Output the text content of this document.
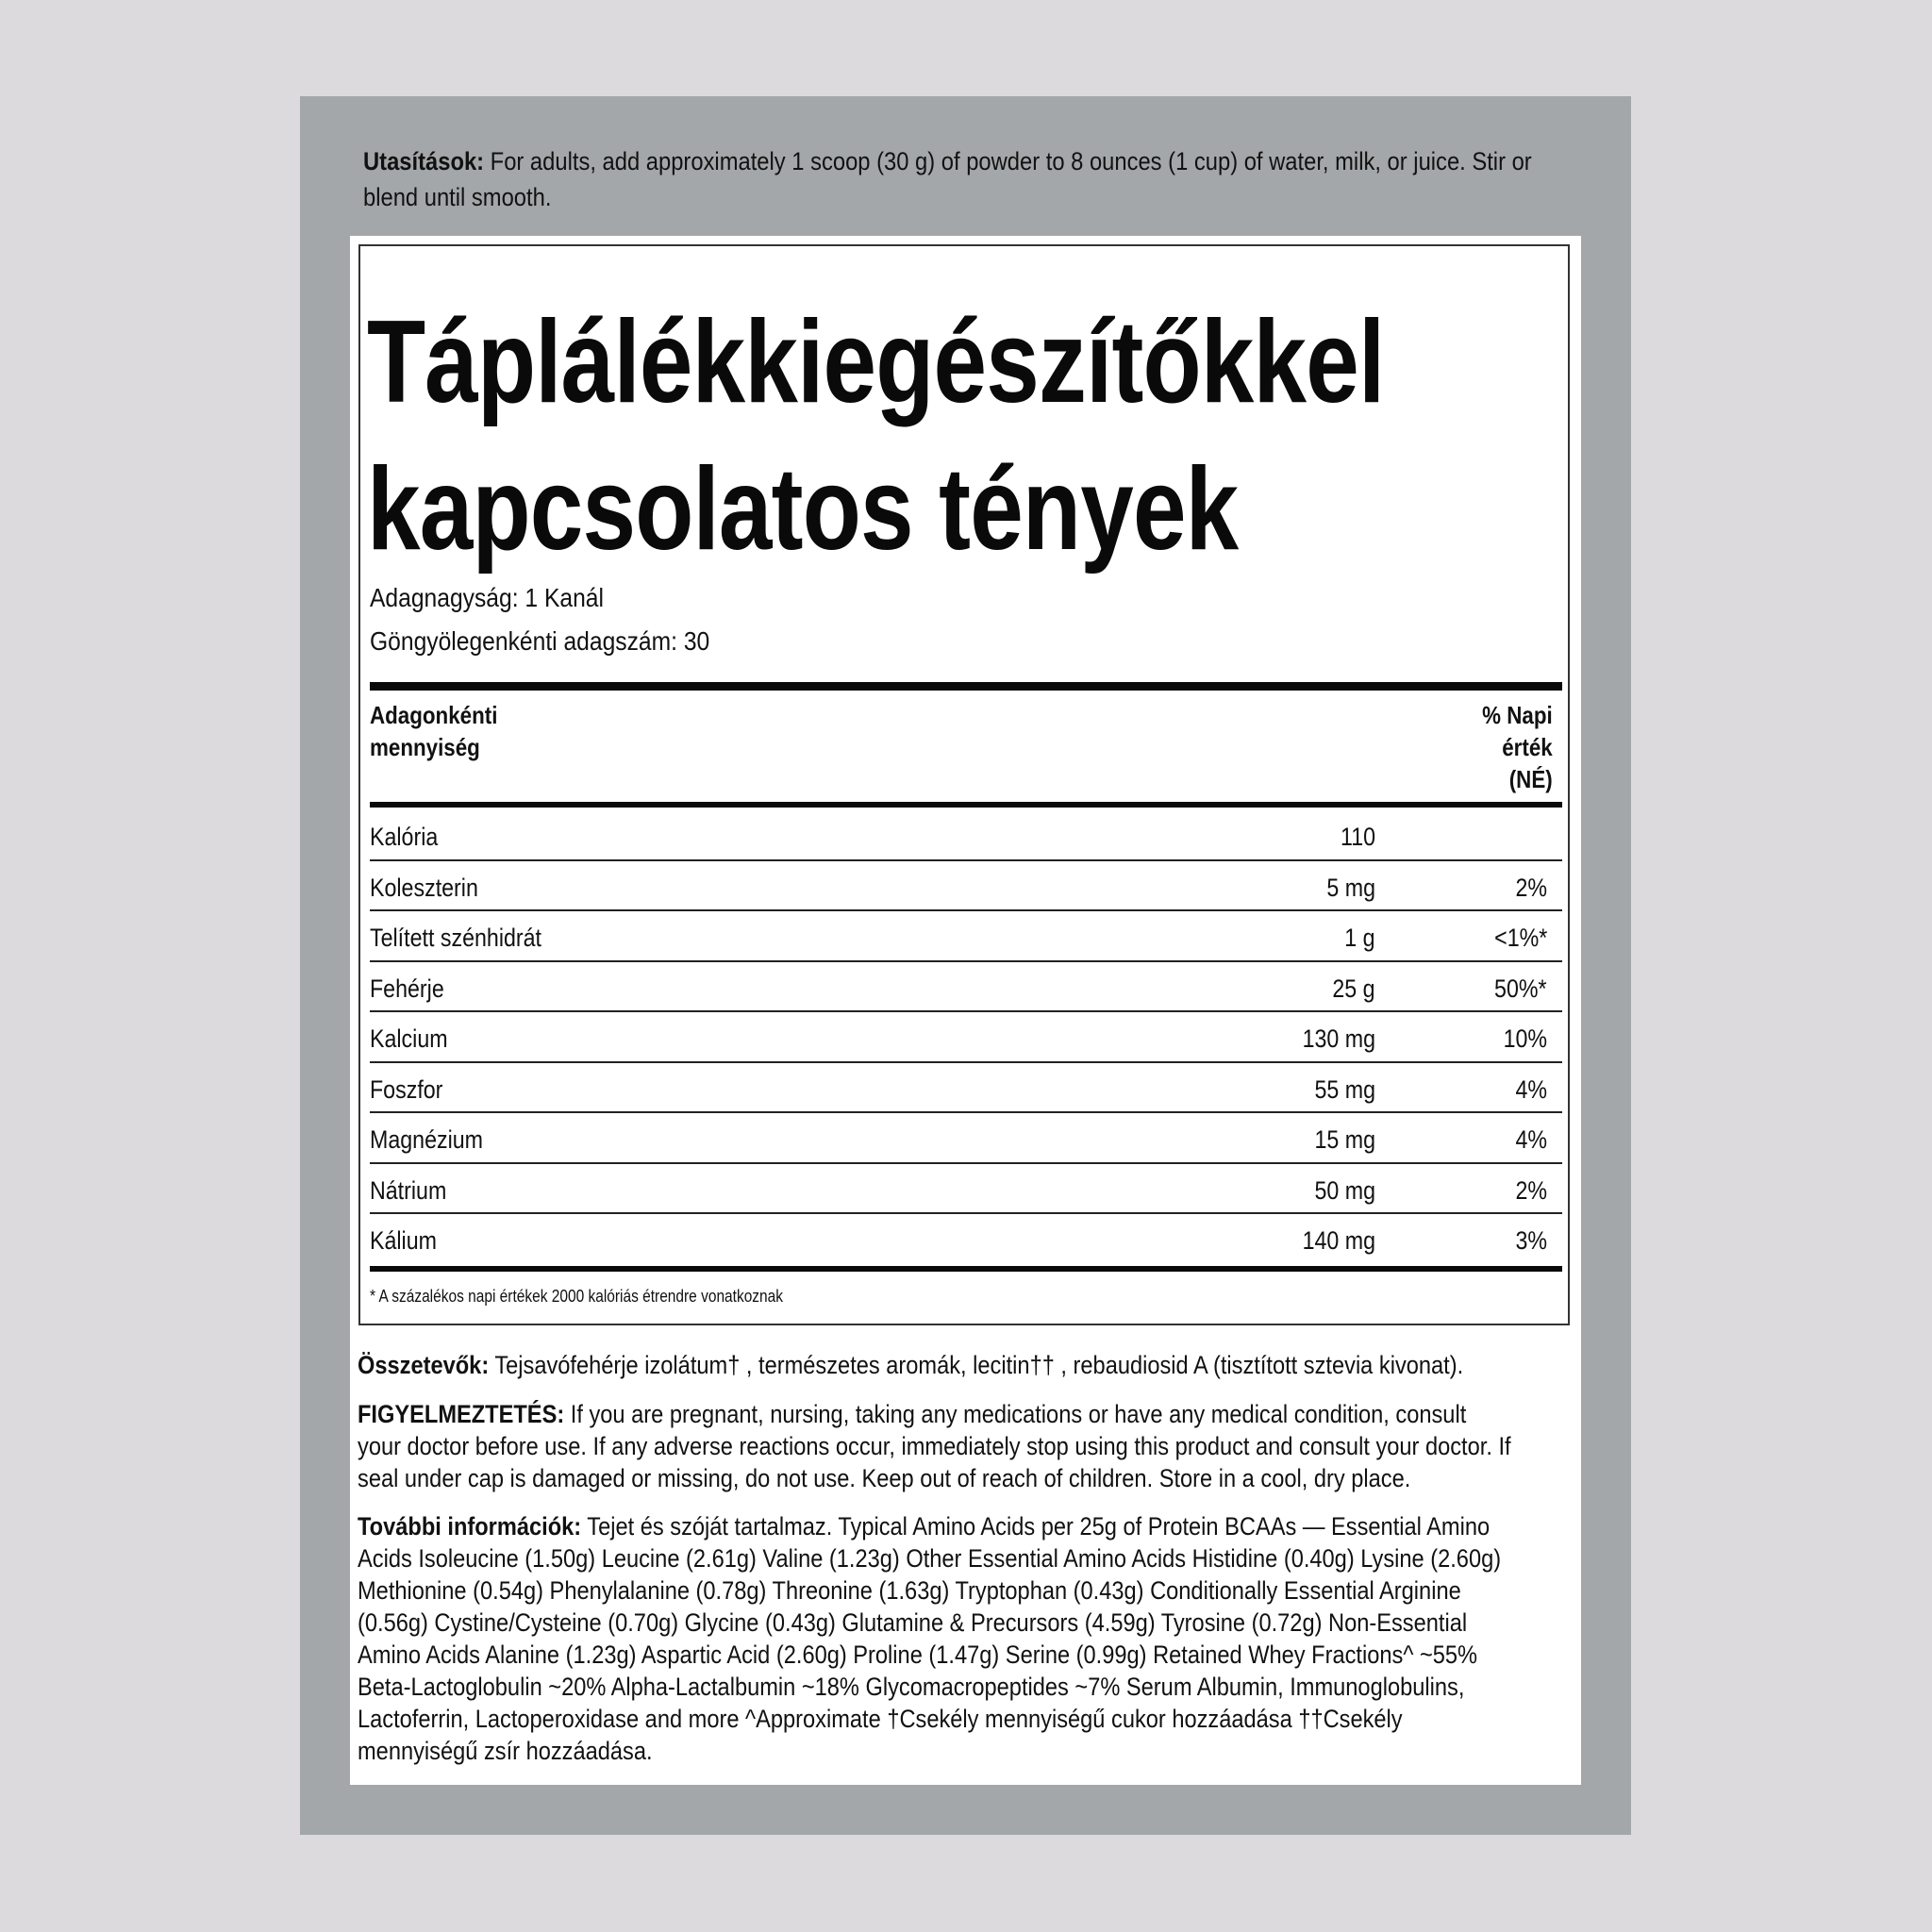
Utasítások: For adults, add approximately 1 scoop (30 g) of powder to 8 ounces (1 cup) of water, milk, or juice. Stir or blend until smooth.
Táplálékkiegészítőkkel
kapcsolatos tények
Adagnagyság: 1 Kanál
Göngyölegenkénti adagszám: 30
Adagonkénti
mennyiség
% Napi
érték
(NÉ)
Kalória	110
Koleszterin	5 mg	2%
Telített szénhidrát	1 g	<1%*
Fehérje	25 g	50%*
Kalcium	130 mg	10%
Foszfor	55 mg	4%
Magnézium	15 mg	4%
Nátrium	50 mg	2%
Kálium	140 mg	3%
* A százalékos napi értékek 2000 kalóriás étrendre vonatkoznak
Összetevők: Tejsavófehérje izolátum† , természetes aromák, lecitin†† , rebaudiosid A (tisztított sztevia kivonat).
FIGYELMEZTETÉS: If you are pregnant, nursing, taking any medications or have any medical condition, consult your doctor before use. If any adverse reactions occur, immediately stop using this product and consult your doctor. If seal under cap is damaged or missing, do not use. Keep out of reach of children. Store in a cool, dry place.
További információk: Tejet és szóját tartalmaz. Typical Amino Acids per 25g of Protein BCAAs — Essential Amino Acids Isoleucine (1.50g) Leucine (2.61g) Valine (1.23g) Other Essential Amino Acids Histidine (0.40g) Lysine (2.60g) Methionine (0.54g) Phenylalanine (0.78g) Threonine (1.63g) Tryptophan (0.43g) Conditionally Essential Arginine (0.56g) Cystine/Cysteine (0.70g) Glycine (0.43g) Glutamine & Precursors (4.59g) Tyrosine (0.72g) Non-Essential Amino Acids Alanine (1.23g) Aspartic Acid (2.60g) Proline (1.47g) Serine (0.99g) Retained Whey Fractions^ ~55% Beta-Lactoglobulin ~20% Alpha-Lactalbumin ~18% Glycomacropeptides ~7% Serum Albumin, Immunoglobulins, Lactoferrin, Lactoperoxidase and more ^Approximate †Csekély mennyiségű cukor hozzáadása ††Csekély mennyiségű zsír hozzáadása.
